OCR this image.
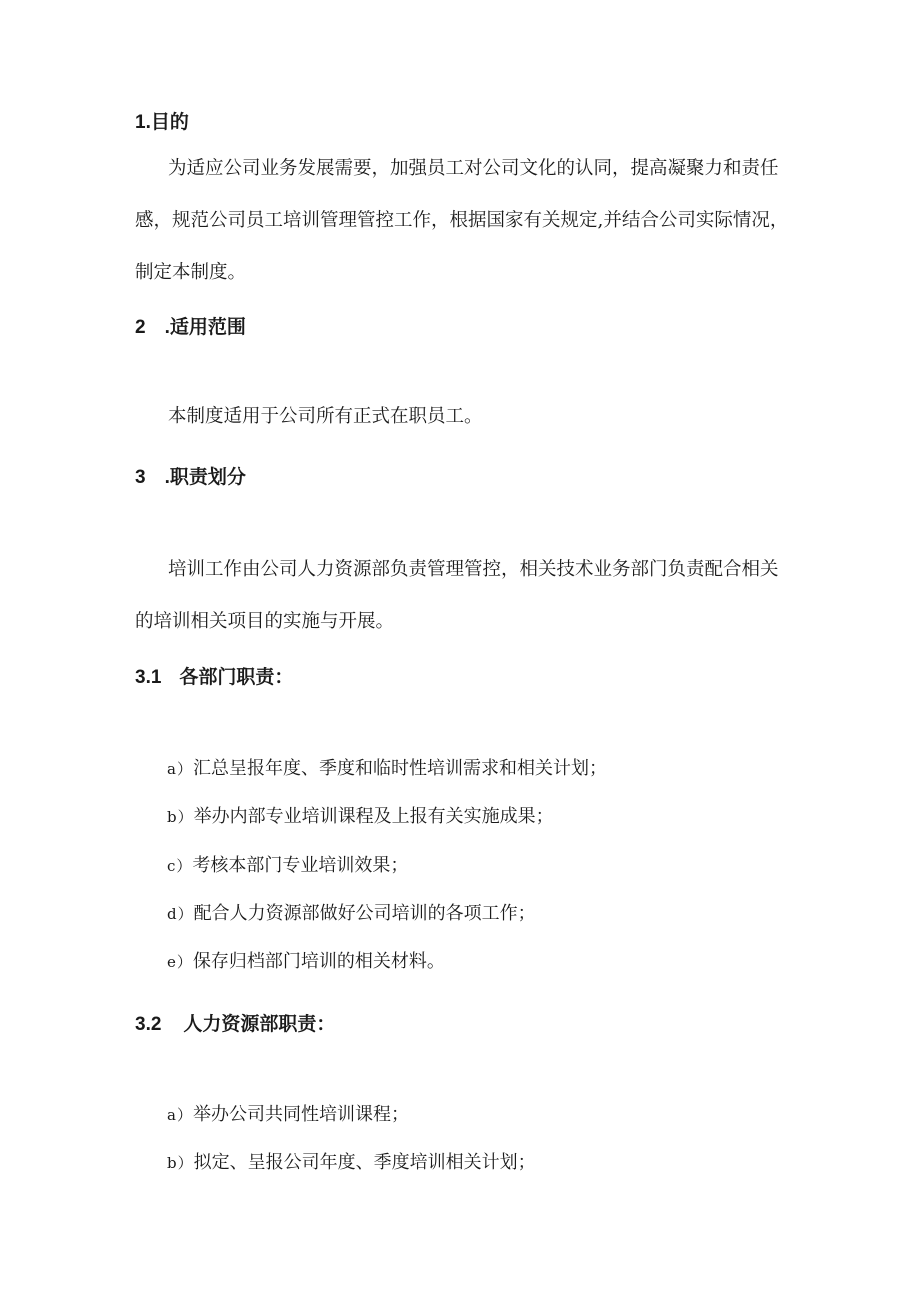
1.目的
为适应公司业务发展需要，加强员工对公司文化的认同，提高凝聚力和责任感，规范公司员工培训管理管控工作，根据国家有关规定,并结合公司实际情况，制定本制度。
2　.适用范围
本制度适用于公司所有正式在职员工。
3　.职责划分
培训工作由公司人力资源部负责管理管控，相关技术业务部门负责配合相关的培训相关项目的实施与开展。
3.1 各部门职责：
a）汇总呈报年度、季度和临时性培训需求和相关计划；
b）举办内部专业培训课程及上报有关实施成果；
c）考核本部门专业培训效果；
d）配合人力资源部做好公司培训的各项工作；
e）保存归档部门培训的相关材料。
3.2 人力资源部职责：
a）举办公司共同性培训课程；
b）拟定、呈报公司年度、季度培训相关计划；
